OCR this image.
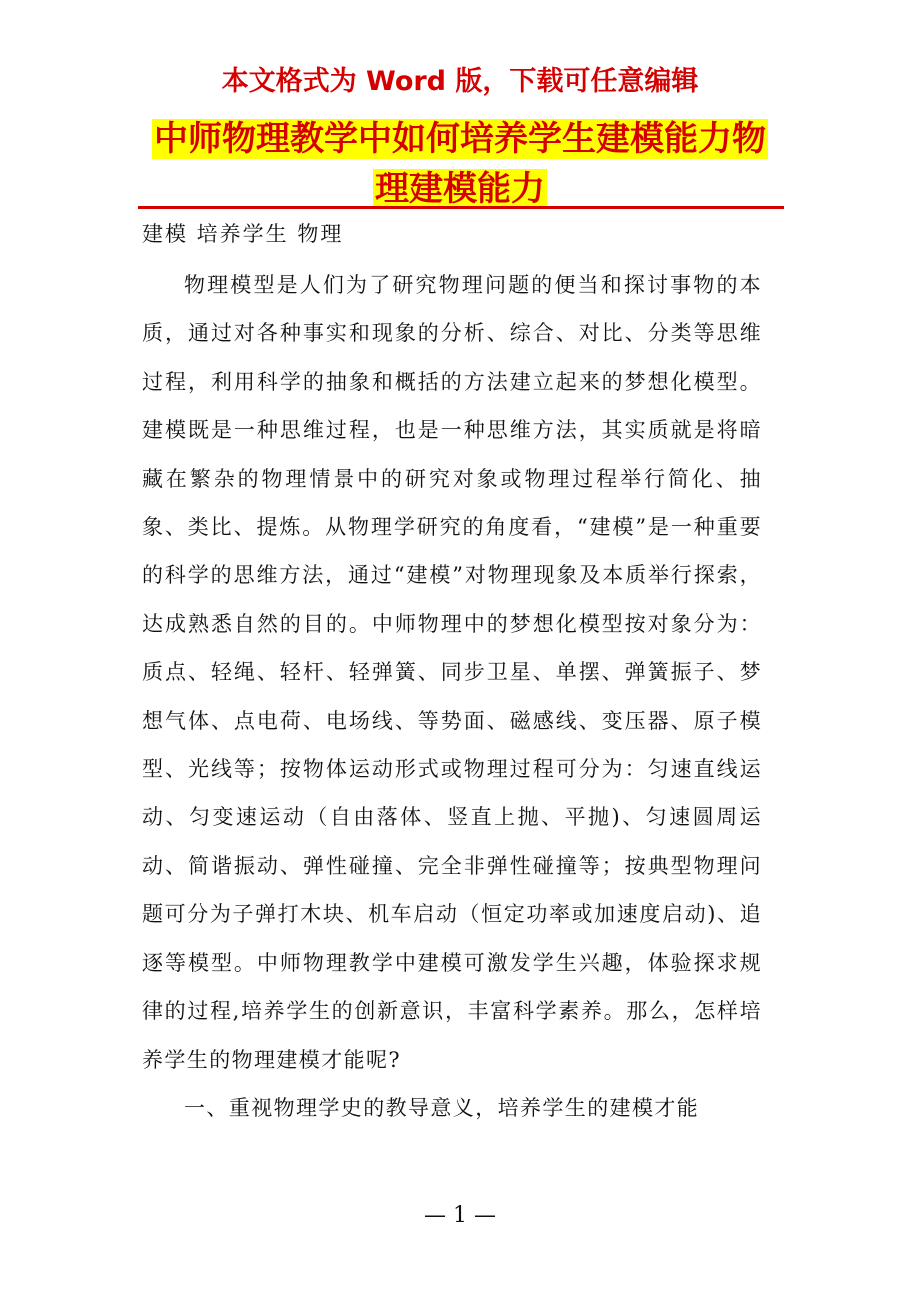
本文格式为 Word 版，下载可任意编辑
中师物理教学中如何培养学生建模能力物理建模能力
建模 培养学生 物理

物理模型是人们为了研究物理问题的便当和探讨事物的本质，通过对各种事实和现象的分析、综合、对比、分类等思维过程，利用科学的抽象和概括的方法建立起来的梦想化模型。建模既是一种思维过程，也是一种思维方法，其实质就是将暗藏在繁杂的物理情景中的研究对象或物理过程举行简化、抽象、类比、提炼。从物理学研究的角度看，“建模”是一种重要的科学的思维方法，通过“建模”对物理现象及本质举行探索，达成熟悉自然的目的。中师物理中的梦想化模型按对象分为：质点、轻绳、轻杆、轻弹簧、同步卫星、单摆、弹簧振子、梦想气体、点电荷、电场线、等势面、磁感线、变压器、原子模型、光线等；按物体运动形式或物理过程可分为：匀速直线运动、匀变速运动（自由落体、竖直上抛、平抛)、匀速圆周运动、简谐振动、弹性碰撞、完全非弹性碰撞等；按典型物理问题可分为子弹打木块、机车启动（恒定功率或加速度启动)、追逐等模型。中师物理教学中建模可激发学生兴趣，体验探求规律的过程,培养学生的创新意识，丰富科学素养。那么，怎样培养学生的物理建模才能呢?

一、重视物理学史的教导意义，培养学生的建模才能

— 1 —
